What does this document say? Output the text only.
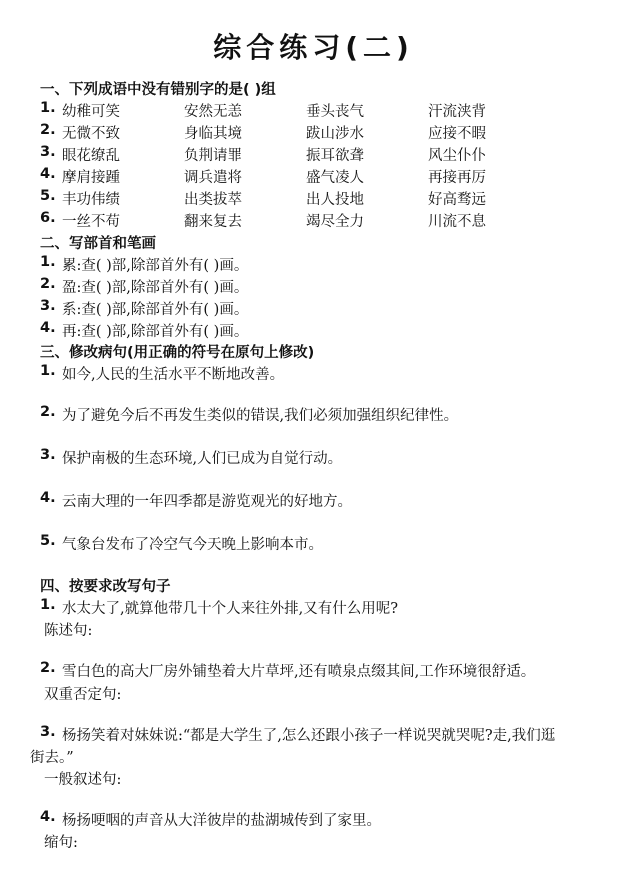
综合练习(二)
一、下列成语中没有错别字的是( )组
1. 幼稚可笑	安然无恙	垂头丧气	汗流浃背
2. 无微不致	身临其境	跋山涉水	应接不暇
3. 眼花缭乱	负荆请罪	振耳欲聋	风尘仆仆
4. 摩肩接踵	调兵遣将	盛气凌人	再接再厉
5. 丰功伟绩	出类拔萃	出人投地	好高骛远
6. 一丝不苟	翻来复去	竭尽全力	川流不息
二、写部首和笔画
1. 累:查( )部,除部首外有( )画。
2. 盈:查( )部,除部首外有( )画。
3. 系:查( )部,除部首外有( )画。
4. 再:查( )部,除部首外有( )画。
三、修改病句(用正确的符号在原句上修改)
1. 如今,人民的生活水平不断地改善。
2. 为了避免今后不再发生类似的错误,我们必须加强组织纪律性。
3. 保护南极的生态环境,人们已成为自觉行动。
4. 云南大理的一年四季都是游览观光的好地方。
5. 气象台发布了冷空气今天晚上影响本市。
四、按要求改写句子
1. 水太大了,就算他带几十个人来往外排,又有什么用呢?
陈述句:
2. 雪白色的高大厂房外铺垫着大片草坪,还有喷泉点缀其间,工作环境很舒适。
双重否定句:
3. 杨扬笑着对妹妹说:“都是大学生了,怎么还跟小孩子一样说哭就哭呢?走,我们逛
街去。”
一般叙述句:
4. 杨扬哽咽的声音从大洋彼岸的盐湖城传到了家里。
缩句:
